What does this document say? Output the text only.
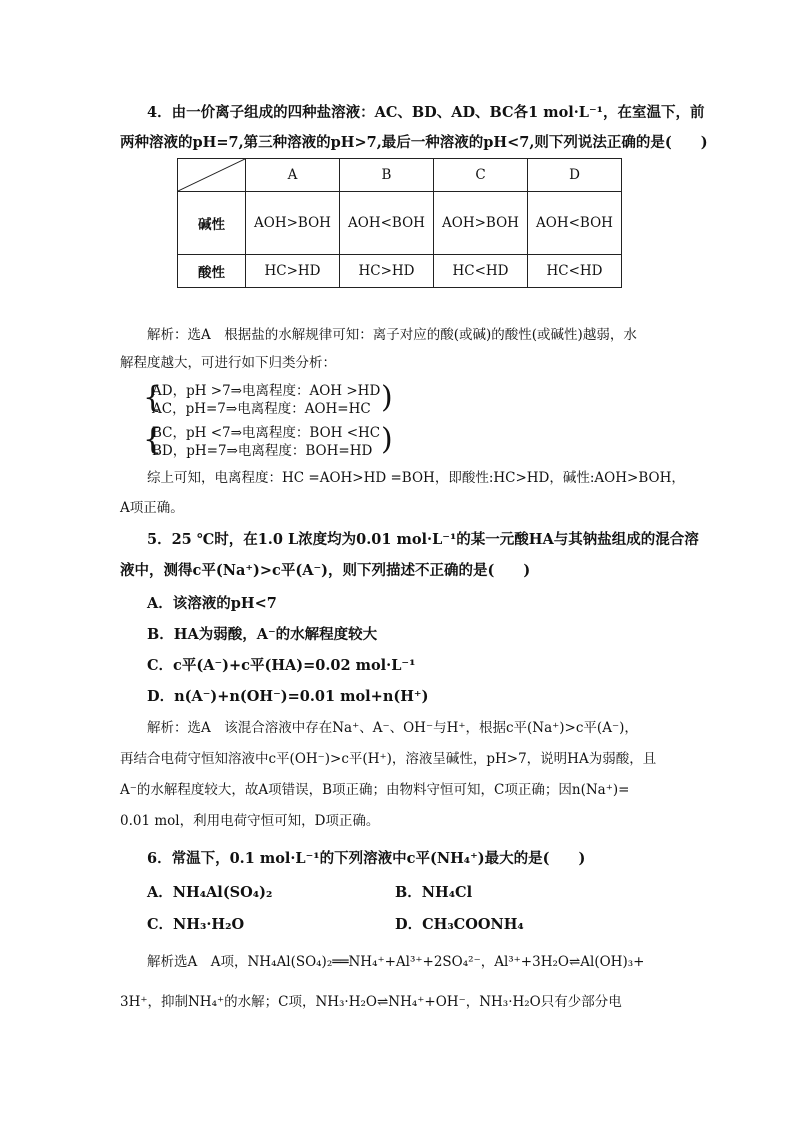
4．由一价离子组成的四种盐溶液：AC、BD、AD、BC各1 mol·L⁻¹，在室温下，前
两种溶液的pH=7,第三种溶液的pH>7,最后一种溶液的pH<7,则下列说法正确的是(　　)
	A	B	C	D
碱性	AOH>BOH	AOH<BOH	AOH>BOH	AOH<BOH
酸性	HC>HD	HC>HD	HC<HD	HC<HD
解析：选A　根据盐的水解规律可知：离子对应的酸(或碱)的酸性(或碱性)越弱，水
解程度越大，可进行如下归类分析：
{
AD，pH >7⇒电离程度：AOH >HD
AC，pH=7⇒电离程度：AOH=HC )
{
BC，pH <7⇒电离程度：BOH <HC
BD，pH=7⇒电离程度：BOH=HD )
综上可知，电离程度：HC =AOH>HD =BOH，即酸性:HC>HD，碱性:AOH>BOH，
A项正确。
5．25 ℃时，在1.0 L浓度均为0.01 mol·L⁻¹的某一元酸HA与其钠盐组成的混合溶
液中，测得c平(Na⁺)>c平(A⁻)，则下列描述不正确的是(　　)
A．该溶液的pH<7
B．HA为弱酸，A⁻的水解程度较大
C．c平(A⁻)+c平(HA)=0.02 mol·L⁻¹
D．n(A⁻)+n(OH⁻)=0.01 mol+n(H⁺)
解析：选A　该混合溶液中存在Na⁺、A⁻、OH⁻与H⁺，根据c平(Na⁺)>c平(A⁻)，
再结合电荷守恒知溶液中c平(OH⁻)>c平(H⁺)，溶液呈碱性，pH>7，说明HA为弱酸，且
A⁻的水解程度较大，故A项错误，B项正确；由物料守恒可知，C项正确；因n(Na⁺)=
0.01 mol，利用电荷守恒可知，D项正确。
6．常温下，0.1 mol·L⁻¹的下列溶液中c平(NH₄⁺)最大的是(　　)
A．NH₄Al(SO₄)₂	B．NH₄Cl
C．NH₃·H₂O	D．CH₃COONH₄
解析选A　A项，NH₄Al(SO₄)₂══NH₄⁺+Al³⁺+2SO₄²⁻，Al³⁺+3H₂O⇌Al(OH)₃+
3H⁺，抑制NH₄⁺的水解；C项，NH₃·H₂O⇌NH₄⁺+OH⁻，NH₃·H₂O只有少部分电
